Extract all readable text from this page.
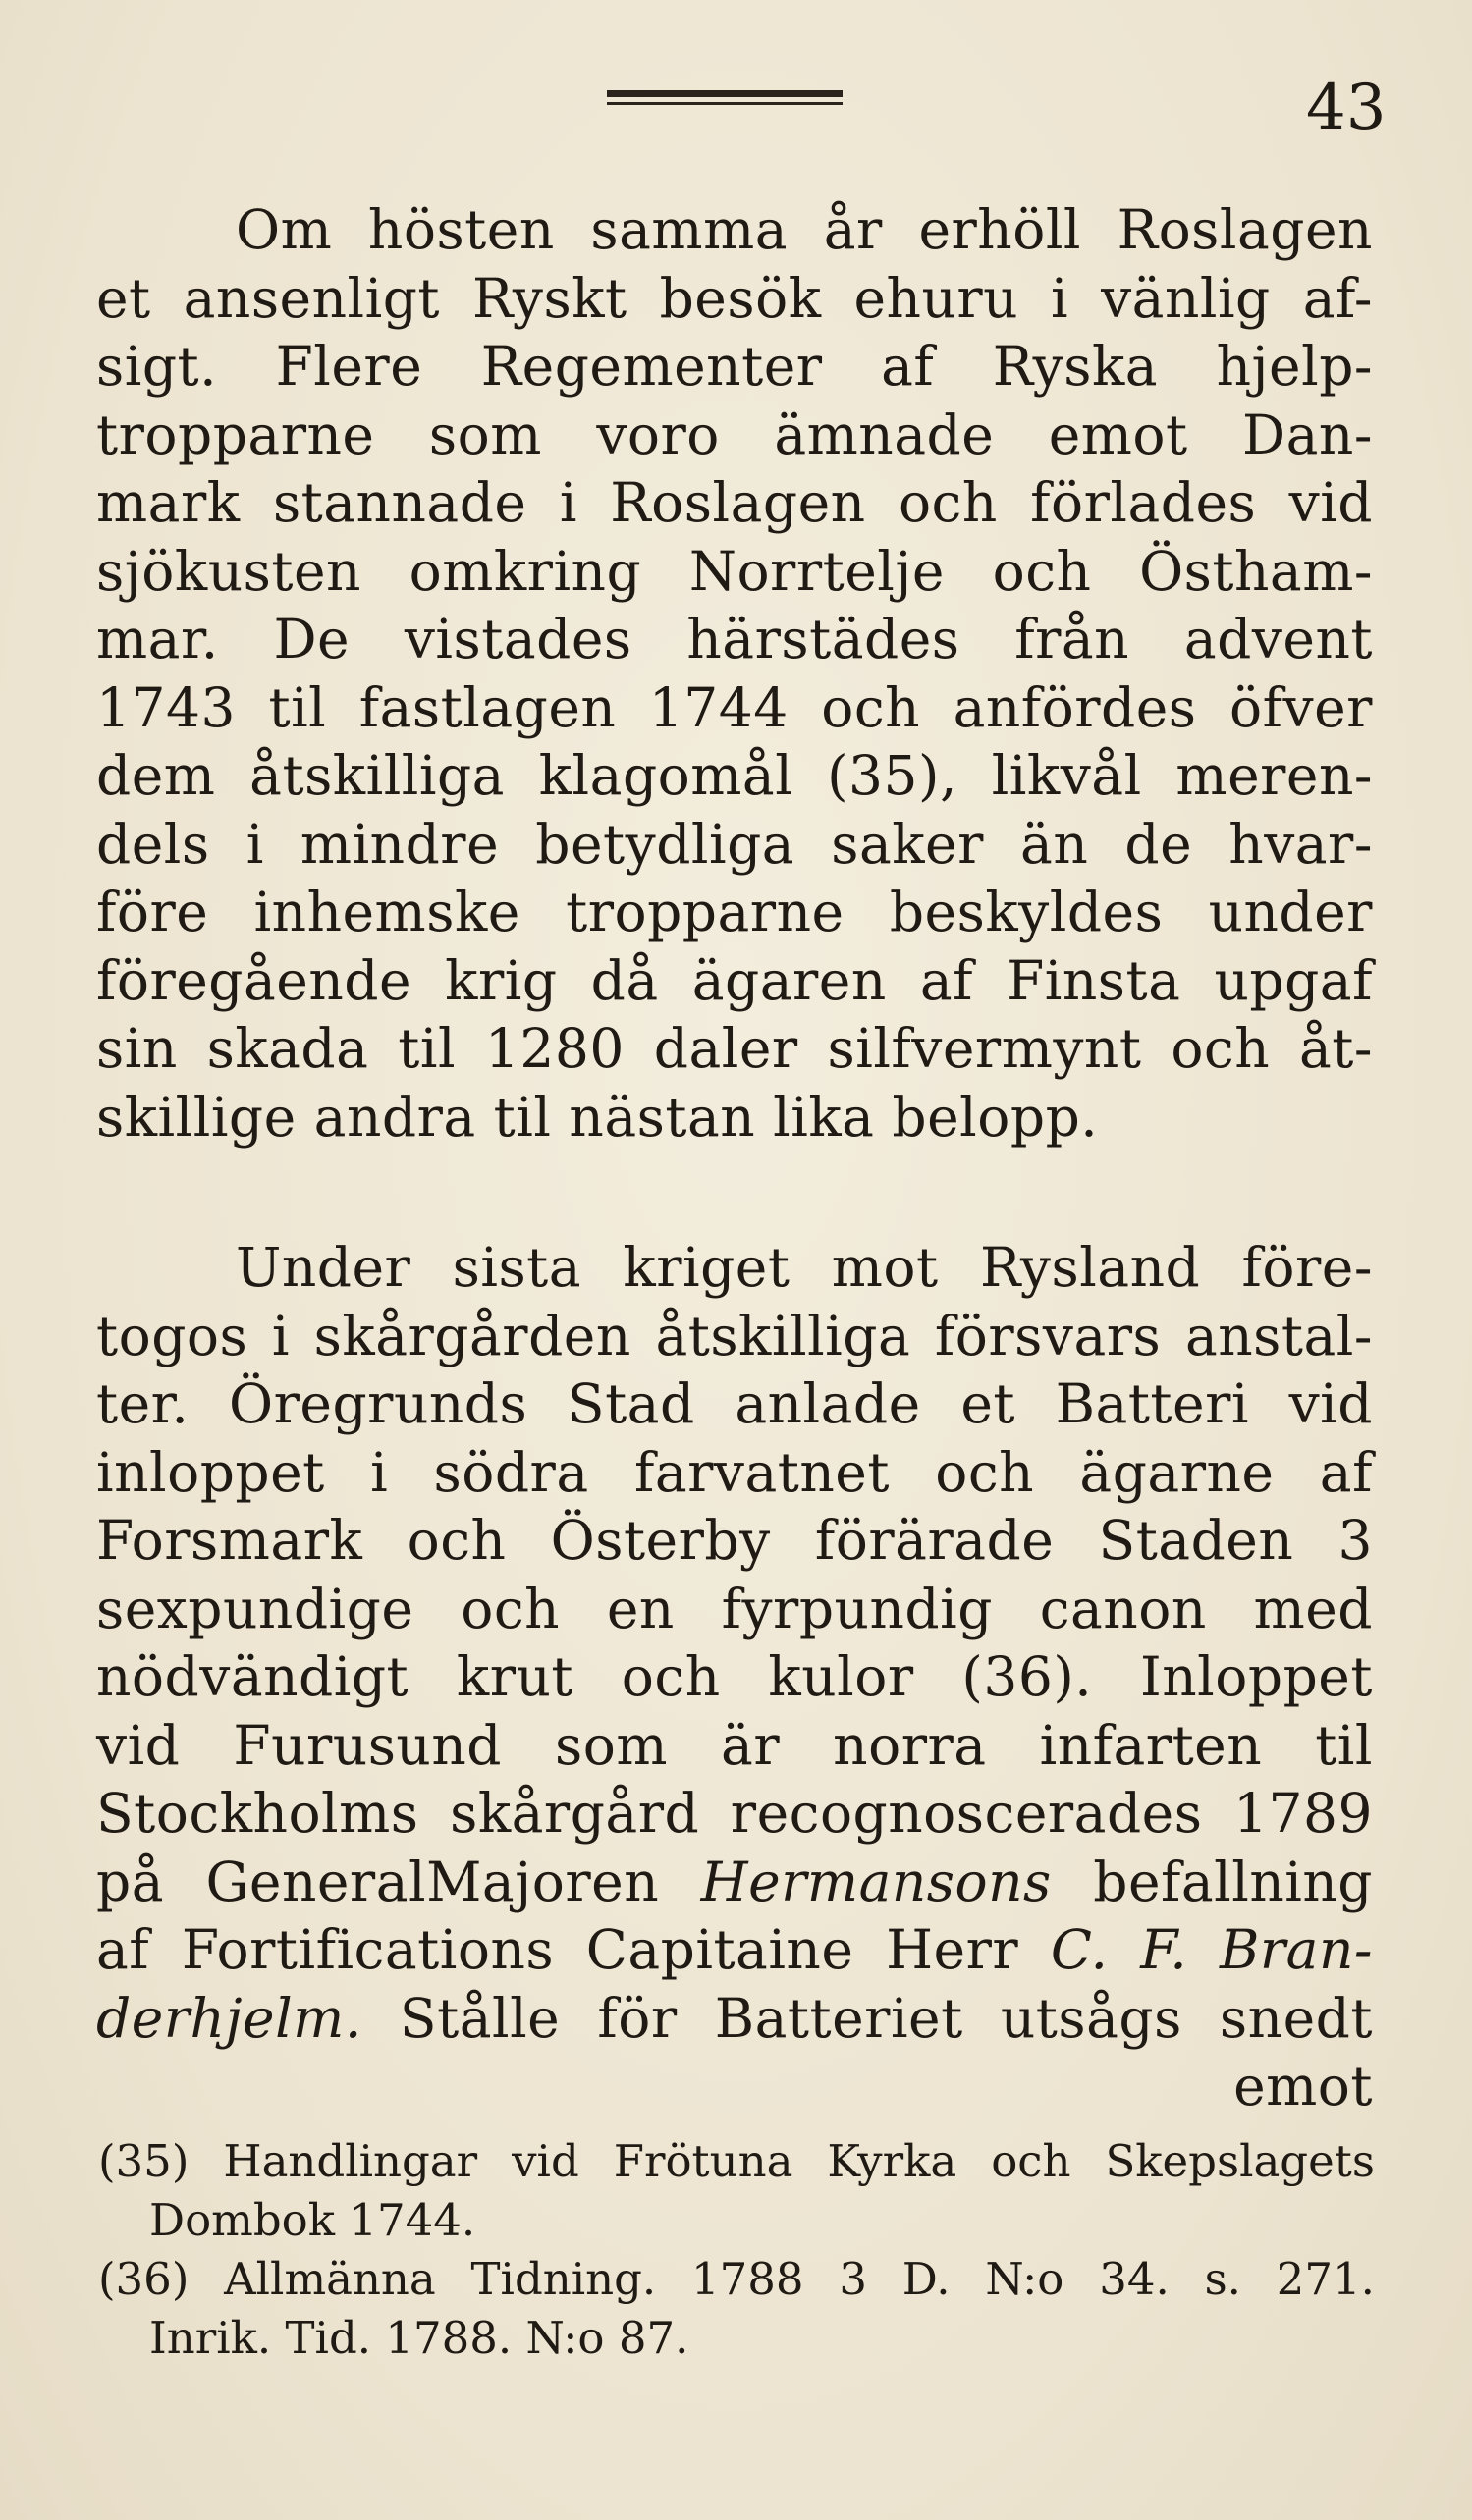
43
Om hösten samma år erhöll Roslagen
et ansenligt Ryskt besök ehuru i vänlig af-
sigt. Flere Regementer af Ryska hjelp-
tropparne som voro ämnade emot Dan-
mark stannade i Roslagen och förlades vid
sjökusten omkring Norrtelje och Östham-
mar. De vistades härstädes från advent
1743 til fastlagen 1744 och anfördes öfver
dem åtskilliga klagomål (35), likvål meren-
dels i mindre betydliga saker än de hvar-
före inhemske tropparne beskyldes under
föregående krig då ägaren af Finsta upgaf
sin skada til 1280 daler silfvermynt och åt-
skillige andra til nästan lika belopp.
Under sista kriget mot Rysland före-
togos i skårgården åtskilliga försvars anstal-
ter. Öregrunds Stad anlade et Batteri vid
inloppet i södra farvatnet och ägarne af
Forsmark och Österby förärade Staden 3
sexpundige och en fyrpundig canon med
nödvändigt krut och kulor (36). Inloppet
vid Furusund som är norra infarten til
Stockholms skårgård recognoscerades 1789
på GeneralMajoren Hermansons befallning
af Fortifications Capitaine Herr C. F. Bran-
derhjelm. Stålle för Batteriet utsågs snedt
emot
(35) Handlingar vid Frötuna Kyrka och Skepslagets
Dombok 1744.
(36) Allmänna Tidning. 1788 3 D. N:o 34. s. 271.
Inrik. Tid. 1788. N:o 87.
